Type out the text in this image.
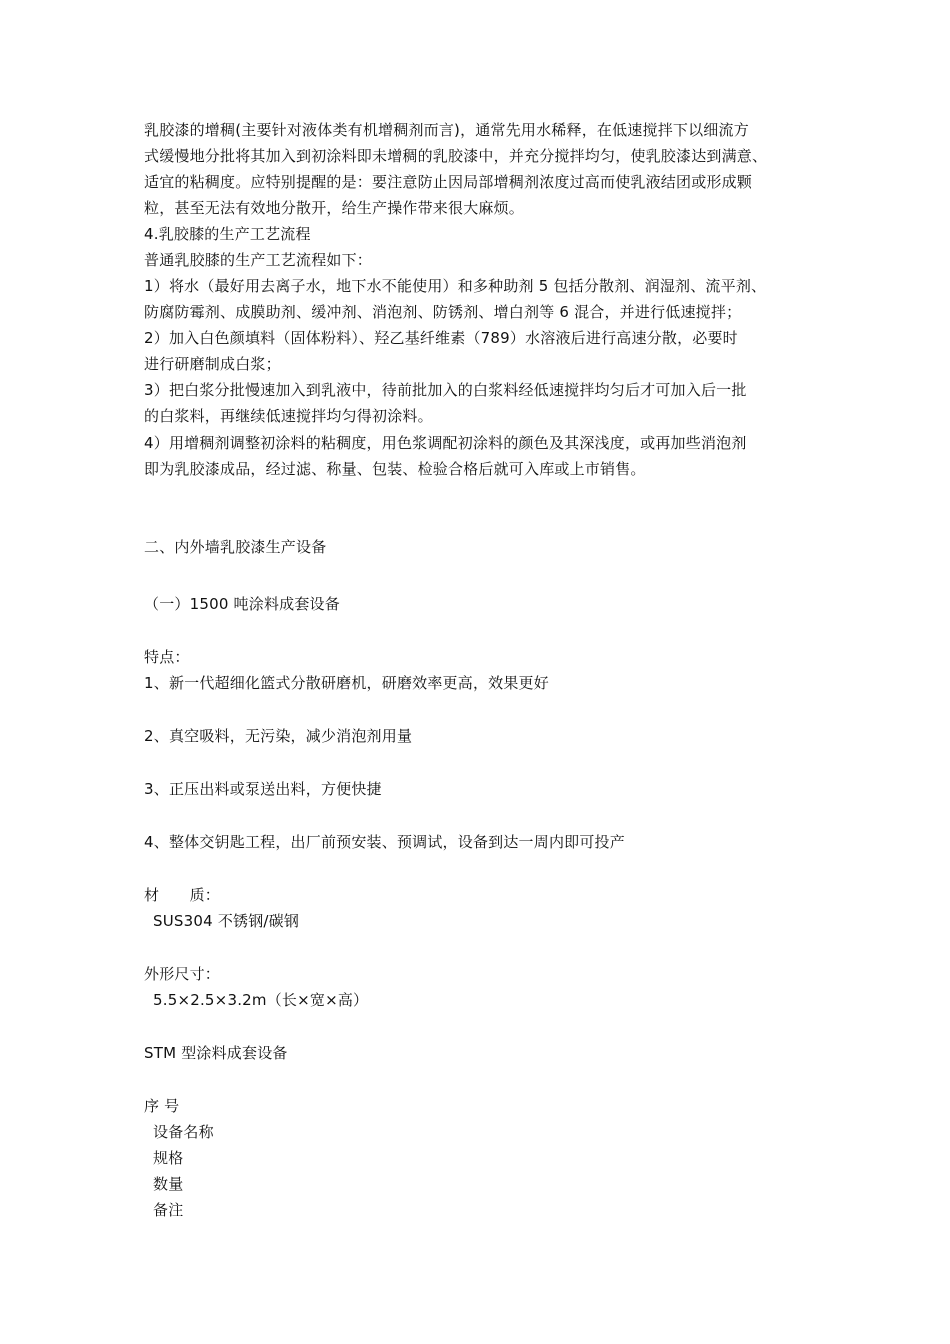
乳胶漆的增稠(主要针对液体类有机增稠剂而言)，通常先用水稀释，在低速搅拌下以细流方
式缓慢地分批将其加入到初涂料即未增稠的乳胶漆中，并充分搅拌均匀，使乳胶漆达到满意、
适宜的粘稠度。应特别提醒的是：要注意防止因局部增稠剂浓度过高而使乳液结团或形成颗
粒，甚至无法有效地分散开，给生产操作带来很大麻烦。
4.乳胶膝的生产工艺流程
普通乳胶膝的生产工艺流程如下：
1）将水（最好用去离子水，地下水不能使用）和多种助剂 5 包括分散剂、润湿剂、流平剂、
防腐防霉剂、成膜助剂、缓冲剂、消泡剂、防锈剂、增白剂等 6 混合，并进行低速搅拌；
2）加入白色颜填料（固体粉料）、羟乙基纤维素（789）水溶液后进行高速分散，必要时
进行研磨制成白浆；
3）把白浆分批慢速加入到乳液中，待前批加入的白浆料经低速搅拌均匀后才可加入后一批
的白浆料，再继续低速搅拌均匀得初涂料。
4）用增稠剂调整初涂料的粘稠度，用色浆调配初涂料的颜色及其深浅度，或再加些消泡剂
即为乳胶漆成品，经过滤、称量、包装、检验合格后就可入库或上市销售。
二、内外墙乳胶漆生产设备
（一）1500 吨涂料成套设备
特点：
1、新一代超细化篮式分散研磨机，研磨效率更高，效果更好
2、真空吸料，无污染，减少消泡剂用量
3、正压出料或泵送出料，方便快捷
4、整体交钥匙工程，出厂前预安装、预调试，设备到达一周内即可投产
材　　质：
SUS304 不锈钢/碳钢
外形尺寸：
5.5×2.5×3.2m（长×宽×高）
STM 型涂料成套设备
序 号
设备名称
规格
数量
备注
